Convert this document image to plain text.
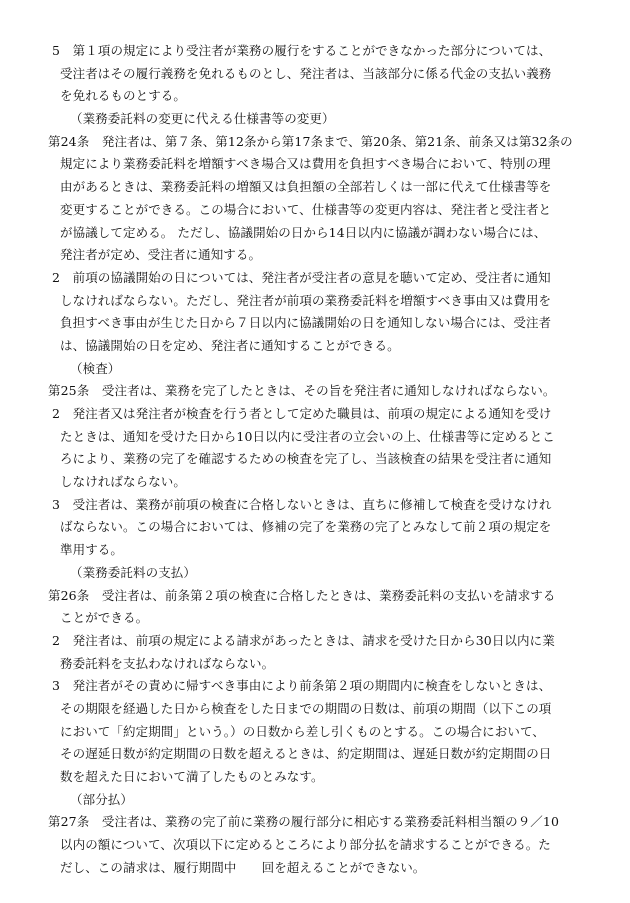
5　第１項の規定により受注者が業務の履行をすることができなかった部分については、
受注者はその履行義務を免れるものとし、発注者は、当該部分に係る代金の支払い義務
を免れるものとする。
（業務委託料の変更に代える仕様書等の変更）
第24条　発注者は、第７条、第12条から第17条まで、第20条、第21条、前条又は第32条の
規定により業務委託料を増額すべき場合又は費用を負担すべき場合において、特別の理
由があるときは、業務委託料の増額又は負担額の全部若しくは一部に代えて仕様書等を
変更することができる。この場合において、仕様書等の変更内容は、発注者と受注者と
が協議して定める。 ただし、協議開始の日から14日以内に協議が調わない場合には、
発注者が定め、受注者に通知する。
2　前項の協議開始の日については、発注者が受注者の意見を聴いて定め、受注者に通知
しなければならない。ただし、発注者が前項の業務委託料を増額すべき事由又は費用を
負担すべき事由が生じた日から７日以内に協議開始の日を通知しない場合には、受注者
は、協議開始の日を定め、発注者に通知することができる。
（検査）
第25条　受注者は、業務を完了したときは、その旨を発注者に通知しなければならない。
2　発注者又は発注者が検査を行う者として定めた職員は、前項の規定による通知を受け
たときは、通知を受けた日から10日以内に受注者の立会いの上、仕様書等に定めるとこ
ろにより、業務の完了を確認するための検査を完了し、当該検査の結果を受注者に通知
しなければならない。
3　受注者は、業務が前項の検査に合格しないときは、直ちに修補して検査を受けなけれ
ばならない。この場合においては、修補の完了を業務の完了とみなして前２項の規定を
準用する。
（業務委託料の支払）
第26条　受注者は、前条第２項の検査に合格したときは、業務委託料の支払いを請求する
ことができる。
2　発注者は、前項の規定による請求があったときは、請求を受けた日から30日以内に業
務委託料を支払わなければならない。
3　発注者がその責めに帰すべき事由により前条第２項の期間内に検査をしないときは、
その期限を経過した日から検査をした日までの期間の日数は、前項の期間（以下この項
において「約定期間」という。）の日数から差し引くものとする。この場合において、
その遅延日数が約定期間の日数を超えるときは、約定期間は、遅延日数が約定期間の日
数を超えた日において満了したものとみなす。
（部分払）
第27条　受注者は、業務の完了前に業務の履行部分に相応する業務委託料相当額の９／10
以内の額について、次項以下に定めるところにより部分払を請求することができる。た
だし、この請求は、履行期間中　　回を超えることができない。
